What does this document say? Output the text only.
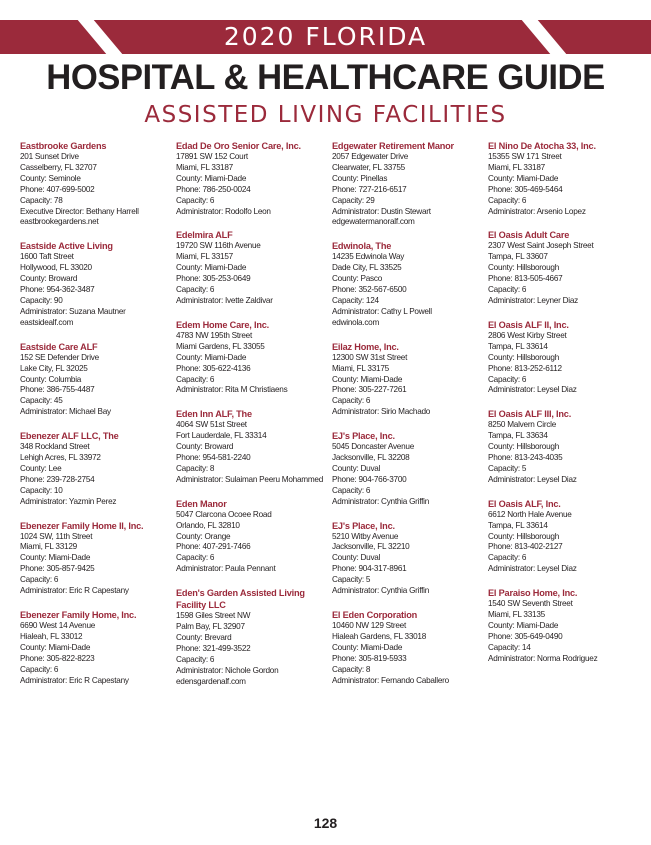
2020 FLORIDA
HOSPITAL & HEALTHCARE GUIDE
ASSISTED LIVING FACILITIES
Eastbrooke Gardens
201 Sunset Drive
Casselberry, FL 32707
County: Seminole
Phone: 407-699-5002
Capacity: 78
Executive Director: Bethany Harrell
eastbrookegardens.net
Eastside Active Living
1600 Taft Street
Hollywood, FL 33020
County: Broward
Phone: 954-362-3487
Capacity: 90
Administrator: Suzana Mautner
eastsidealf.com
Eastside Care ALF
152 SE Defender Drive
Lake City, FL 32025
County: Columbia
Phone: 386-755-4487
Capacity: 45
Administrator: Michael Bay
Ebenezer ALF LLC, The
348 Rockland Street
Lehigh Acres, FL 33972
County: Lee
Phone: 239-728-2754
Capacity: 10
Administrator: Yazmin Perez
Ebenezer Family Home II, Inc.
1024 SW, 11th Street
Miami, FL 33129
County: Miami-Dade
Phone: 305-857-9425
Capacity: 6
Administrator: Eric R Capestany
Ebenezer Family Home, Inc.
6690 West 14 Avenue
Hialeah, FL 33012
County: Miami-Dade
Phone: 305-822-8223
Capacity: 6
Administrator: Eric R Capestany
Edad De Oro Senior Care, Inc.
17891 SW 152 Court
Miami, FL 33187
County: Miami-Dade
Phone: 786-250-0024
Capacity: 6
Administrator: Rodolfo Leon
Edelmira ALF
19720 SW 116th Avenue
Miami, FL 33157
County: Miami-Dade
Phone: 305-253-0649
Capacity: 6
Administrator: Ivette Zaldivar
Edem Home Care, Inc.
4783 NW 195th Street
Miami Gardens, FL 33055
County: Miami-Dade
Phone: 305-622-4136
Capacity: 6
Administrator: Rita M Christiaens
Eden Inn ALF, The
4064 SW 51st Street
Fort Lauderdale, FL 33314
County: Broward
Phone: 954-581-2240
Capacity: 8
Administrator: Sulaiman Peeru Mohammed
Eden Manor
5047 Clarcona Ocoee Road
Orlando, FL 32810
County: Orange
Phone: 407-291-7466
Capacity: 6
Administrator: Paula Pennant
Eden's Garden Assisted Living Facility LLC
1598 Giles Street NW
Palm Bay, FL 32907
County: Brevard
Phone: 321-499-3522
Capacity: 6
Administrator: Nichole Gordon
edensgardenalf.com
Edgewater Retirement Manor
2057 Edgewater Drive
Clearwater, FL 33755
County: Pinellas
Phone: 727-216-6517
Capacity: 29
Administrator: Dustin Stewart
edgewatermanoralf.com
Edwinola, The
14235 Edwinola Way
Dade City, FL 33525
County: Pasco
Phone: 352-567-6500
Capacity: 124
Administrator: Cathy L Powell
edwinola.com
Eilaz Home, Inc.
12300 SW 31st Street
Miami, FL 33175
County: Miami-Dade
Phone: 305-227-7261
Capacity: 6
Administrator: Sirio Machado
EJ's Place, Inc.
5045 Doncaster Avenue
Jacksonville, FL 32208
County: Duval
Phone: 904-766-3700
Capacity: 6
Administrator: Cynthia Griffin
EJ's Place, Inc.
5210 Witby Avenue
Jacksonville, FL 32210
County: Duval
Phone: 904-317-8961
Capacity: 5
Administrator: Cynthia Griffin
El Eden Corporation
10460 NW 129 Street
Hialeah Gardens, FL 33018
County: Miami-Dade
Phone: 305-819-5933
Capacity: 8
Administrator: Fernando Caballero
El Nino De Atocha 33, Inc.
15355 SW 171 Street
Miami, FL 33187
County: Miami-Dade
Phone: 305-469-5464
Capacity: 6
Administrator: Arsenio Lopez
El Oasis Adult Care
2307 West Saint Joseph Street
Tampa, FL 33607
County: Hillsborough
Phone: 813-505-4667
Capacity: 6
Administrator: Leyner Diaz
El Oasis ALF II, Inc.
2806 West Kirby Street
Tampa, FL 33614
County: Hillsborough
Phone: 813-252-6112
Capacity: 6
Administrator: Leysel Diaz
El Oasis ALF III, Inc.
8250 Malvern Circle
Tampa, FL 33634
County: Hillsborough
Phone: 813-243-4035
Capacity: 5
Administrator: Leysel Diaz
El Oasis ALF, Inc.
6612 North Hale Avenue
Tampa, FL 33614
County: Hillsborough
Phone: 813-402-2127
Capacity: 6
Administrator: Leysel Diaz
El Paraiso Home, Inc.
1540 SW Seventh Street
Miami, FL 33135
County: Miami-Dade
Phone: 305-649-0490
Capacity: 14
Administrator: Norma Rodriguez
128
